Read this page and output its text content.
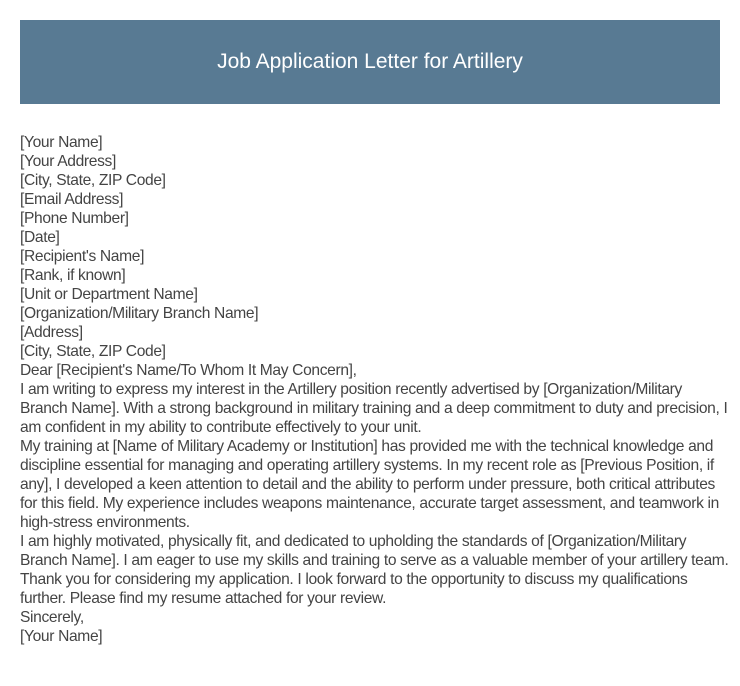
Job Application Letter for Artillery
[Your Name]
[Your Address]
[City, State, ZIP Code]
[Email Address]
[Phone Number]
[Date]
[Recipient's Name]
[Rank, if known]
[Unit or Department Name]
[Organization/Military Branch Name]
[Address]
[City, State, ZIP Code]
Dear [Recipient's Name/To Whom It May Concern],
I am writing to express my interest in the Artillery position recently advertised by [Organization/Military Branch Name]. With a strong background in military training and a deep commitment to duty and precision, I am confident in my ability to contribute effectively to your unit.
My training at [Name of Military Academy or Institution] has provided me with the technical knowledge and discipline essential for managing and operating artillery systems. In my recent role as [Previous Position, if any], I developed a keen attention to detail and the ability to perform under pressure, both critical attributes for this field. My experience includes weapons maintenance, accurate target assessment, and teamwork in high-stress environments.
I am highly motivated, physically fit, and dedicated to upholding the standards of [Organization/Military Branch Name]. I am eager to use my skills and training to serve as a valuable member of your artillery team.
Thank you for considering my application. I look forward to the opportunity to discuss my qualifications further. Please find my resume attached for your review.
Sincerely,
[Your Name]
